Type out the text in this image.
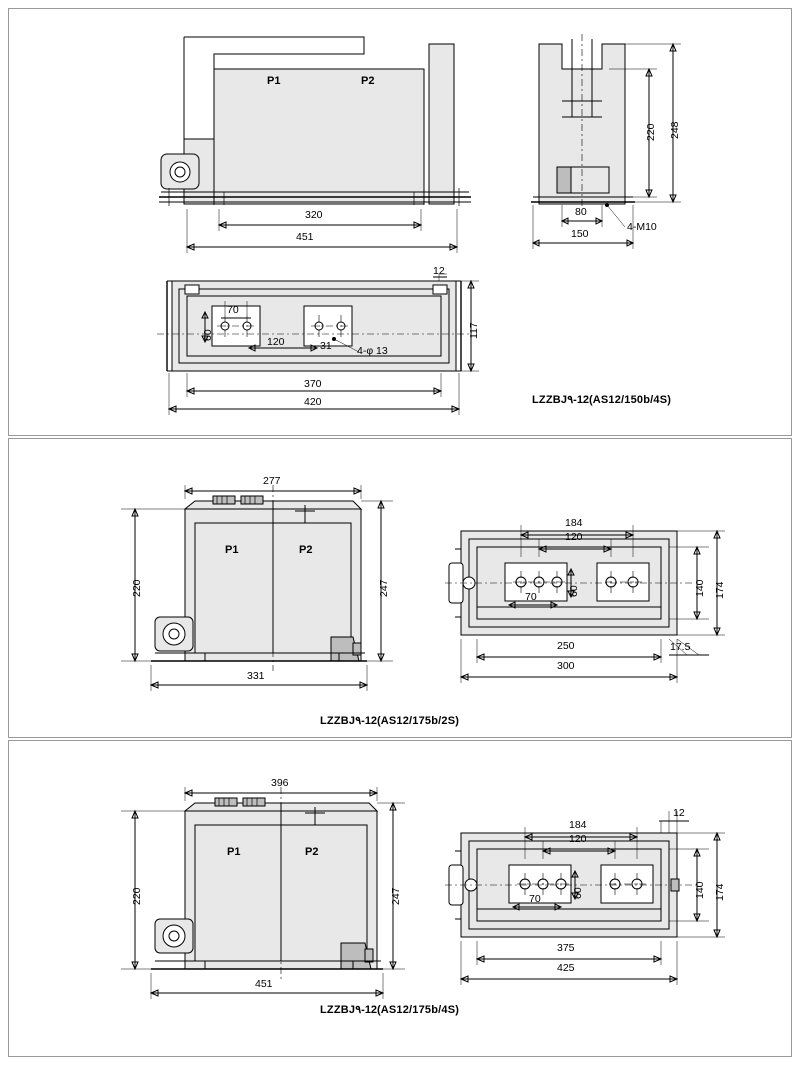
P1	P2
320
451
220 248
80
150
4-M10
12
70
60
120	31
117
370
420
4-φ 13
LZZBJ٩-12(AS12/150b/4S)
277
P1	P2
220	247
331
184
120
60
70	140 174
250
300
17.5
LZZBJ٩-12(AS12/175b/2S)
396
P1	P2
220	247
451
184
120
12
60
70	140 174
375
425
LZZBJ٩-12(AS12/175b/4S)
